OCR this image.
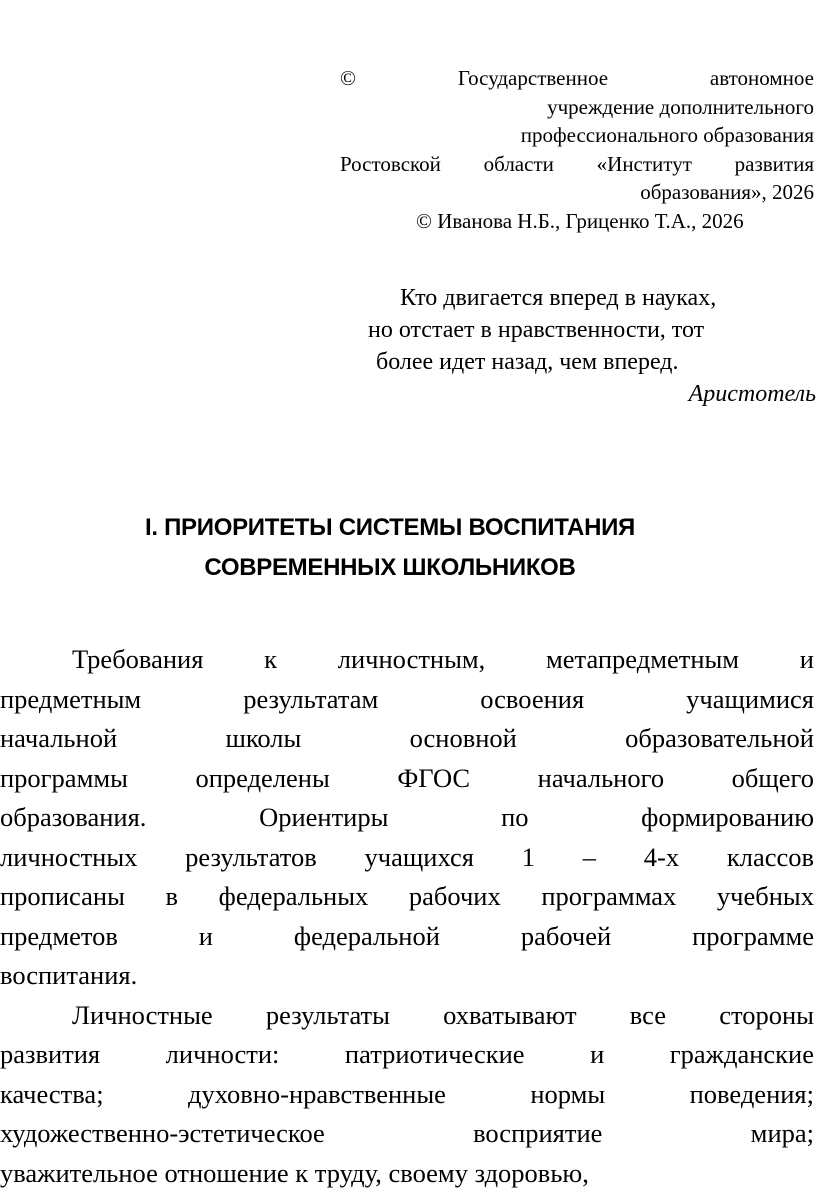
© Государственное автономное
учреждение дополнительного
профессионального образования
Ростовской области «Институт развития
образования», 2026
© Иванова Н.Б., Гриценко Т.А., 2026
Кто двигается вперед в науках,
но отстает в нравственности, тот
более идет назад, чем вперед.
Аристотель
I. ПРИОРИТЕТЫ СИСТЕМЫ ВОСПИТАНИЯ
СОВРЕМЕННЫХ ШКОЛЬНИКОВ
Требования к личностным, метапредметным и
предметным результатам освоения учащимися
начальной школы основной образовательной
программы определены ФГОС начального общего
образования. Ориентиры по формированию
личностных результатов учащихся 1 – 4-х классов
прописаны в федеральных рабочих программах учебных
предметов и федеральной рабочей программе
воспитания.
Личностные результаты охватывают все стороны
развития личности: патриотические и гражданские
качества; духовно-нравственные нормы поведения;
художественно-эстетическое восприятие мира;
уважительное отношение к труду, своему здоровью,
